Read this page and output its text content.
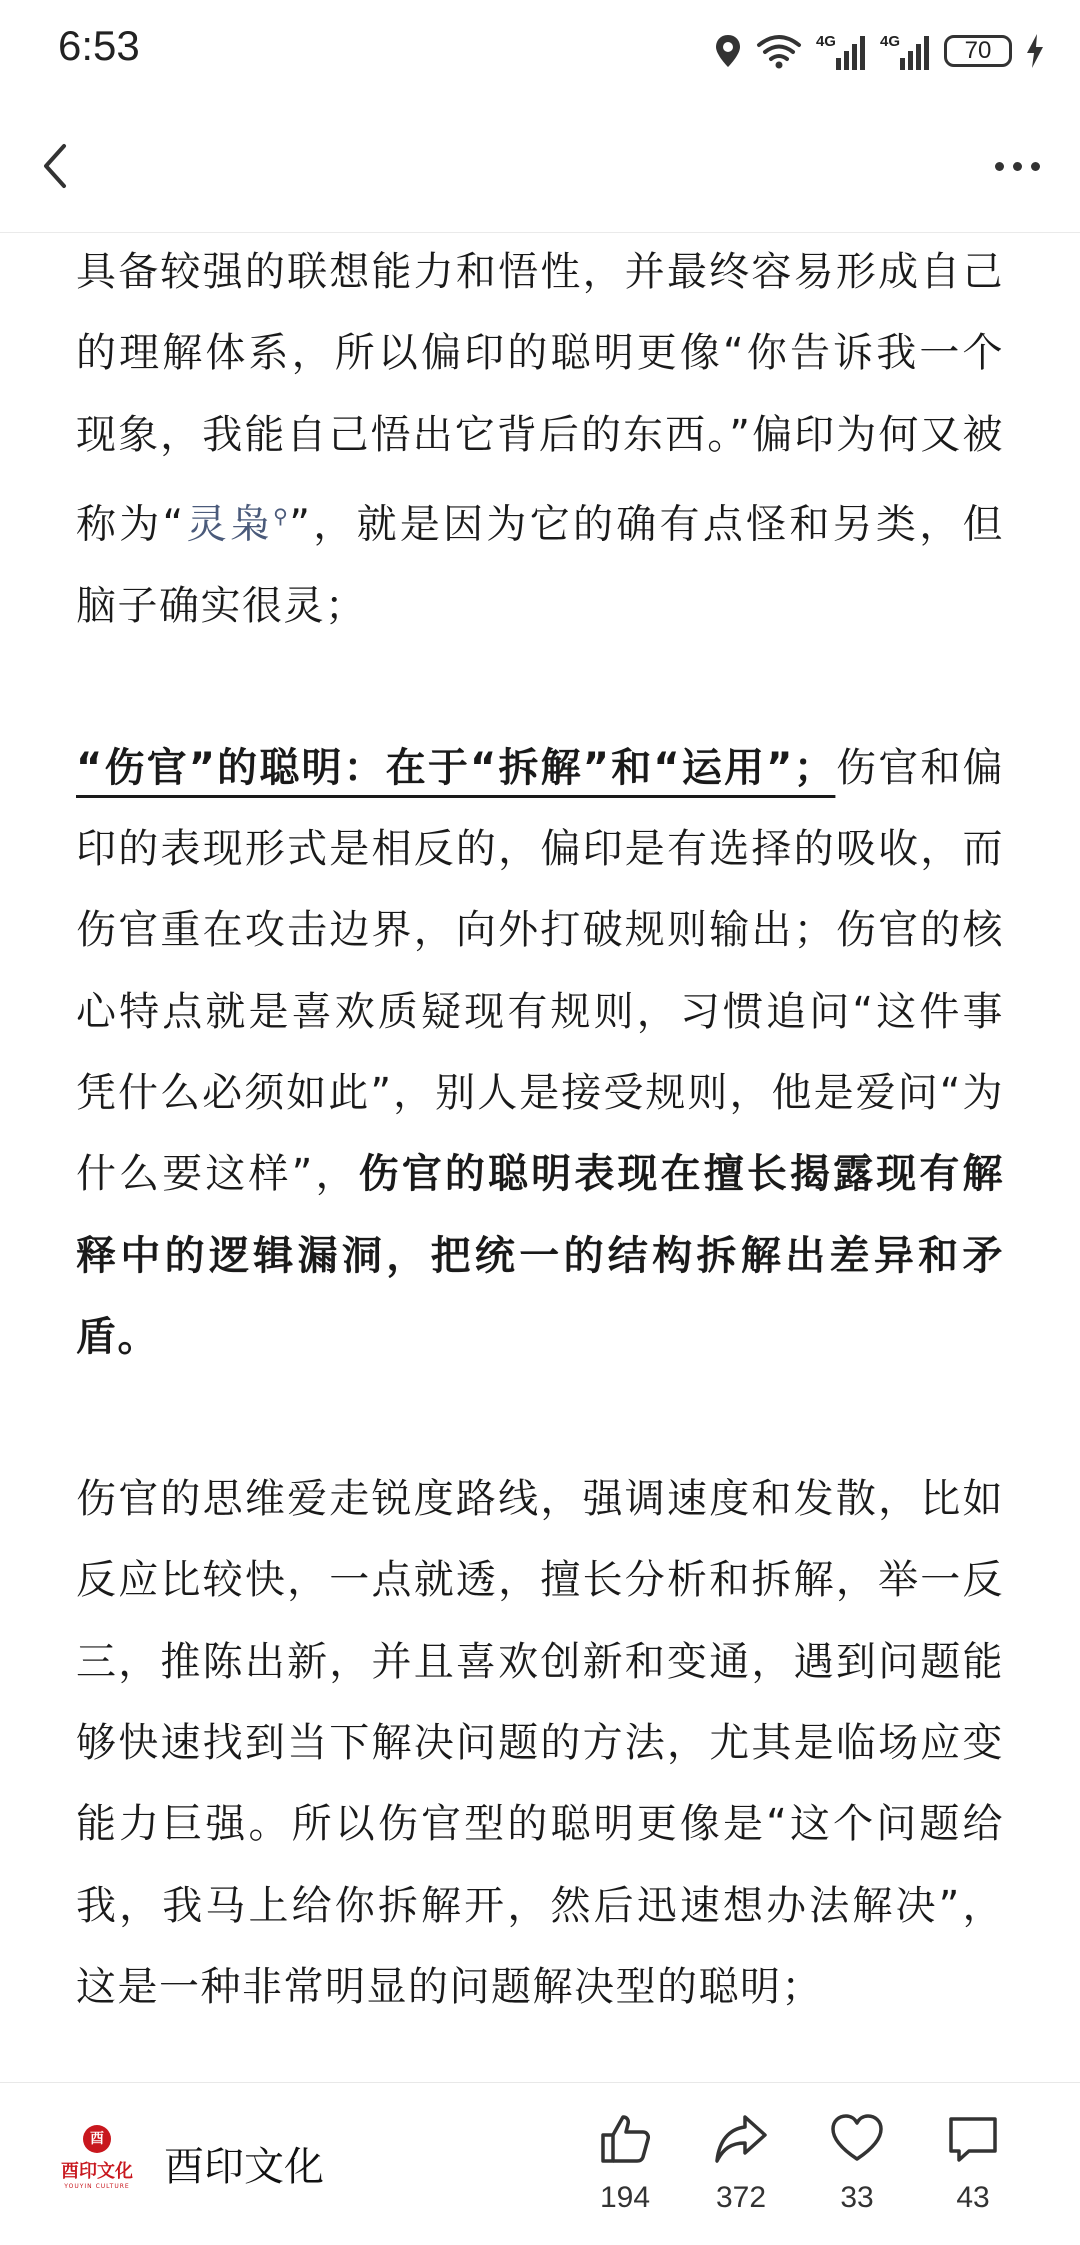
6:53	4G	4G	70

具备较强的联想能力和悟性，并最终容易形成自己的理解体系，所以偏印的聪明更像“你告诉我一个现象，我能自己悟出它背后的东西。”偏印为何又被称为“灵枭⚲”，就是因为它的确有点怪和另类，但脑子确实很灵；

“伤官”的聪明：在于“拆解”和“运用”；伤官和偏印的表现形式是相反的，偏印是有选择的吸收，而伤官重在攻击边界，向外打破规则输出；伤官的核心特点就是喜欢质疑现有规则，习惯追问“这件事凭什么必须如此”，别人是接受规则，他是爱问“为什么要这样”，伤官的聪明表现在擅长揭露现有解释中的逻辑漏洞，把统一的结构拆解出差异和矛盾。

伤官的思维爱走锐度路线，强调速度和发散，比如反应比较快，一点就透，擅长分析和拆解，举一反三，推陈出新，并且喜欢创新和变通，遇到问题能够快速找到当下解决问题的方法，尤其是临场应变能力巨强。所以伤官型的聪明更像是“这个问题给我，我马上给你拆解开，然后迅速想办法解决”，这是一种非常明显的问题解决型的聪明；

酉
酉印文化
YOUYIN CULTURE 酉印文化
194	372	33	43
